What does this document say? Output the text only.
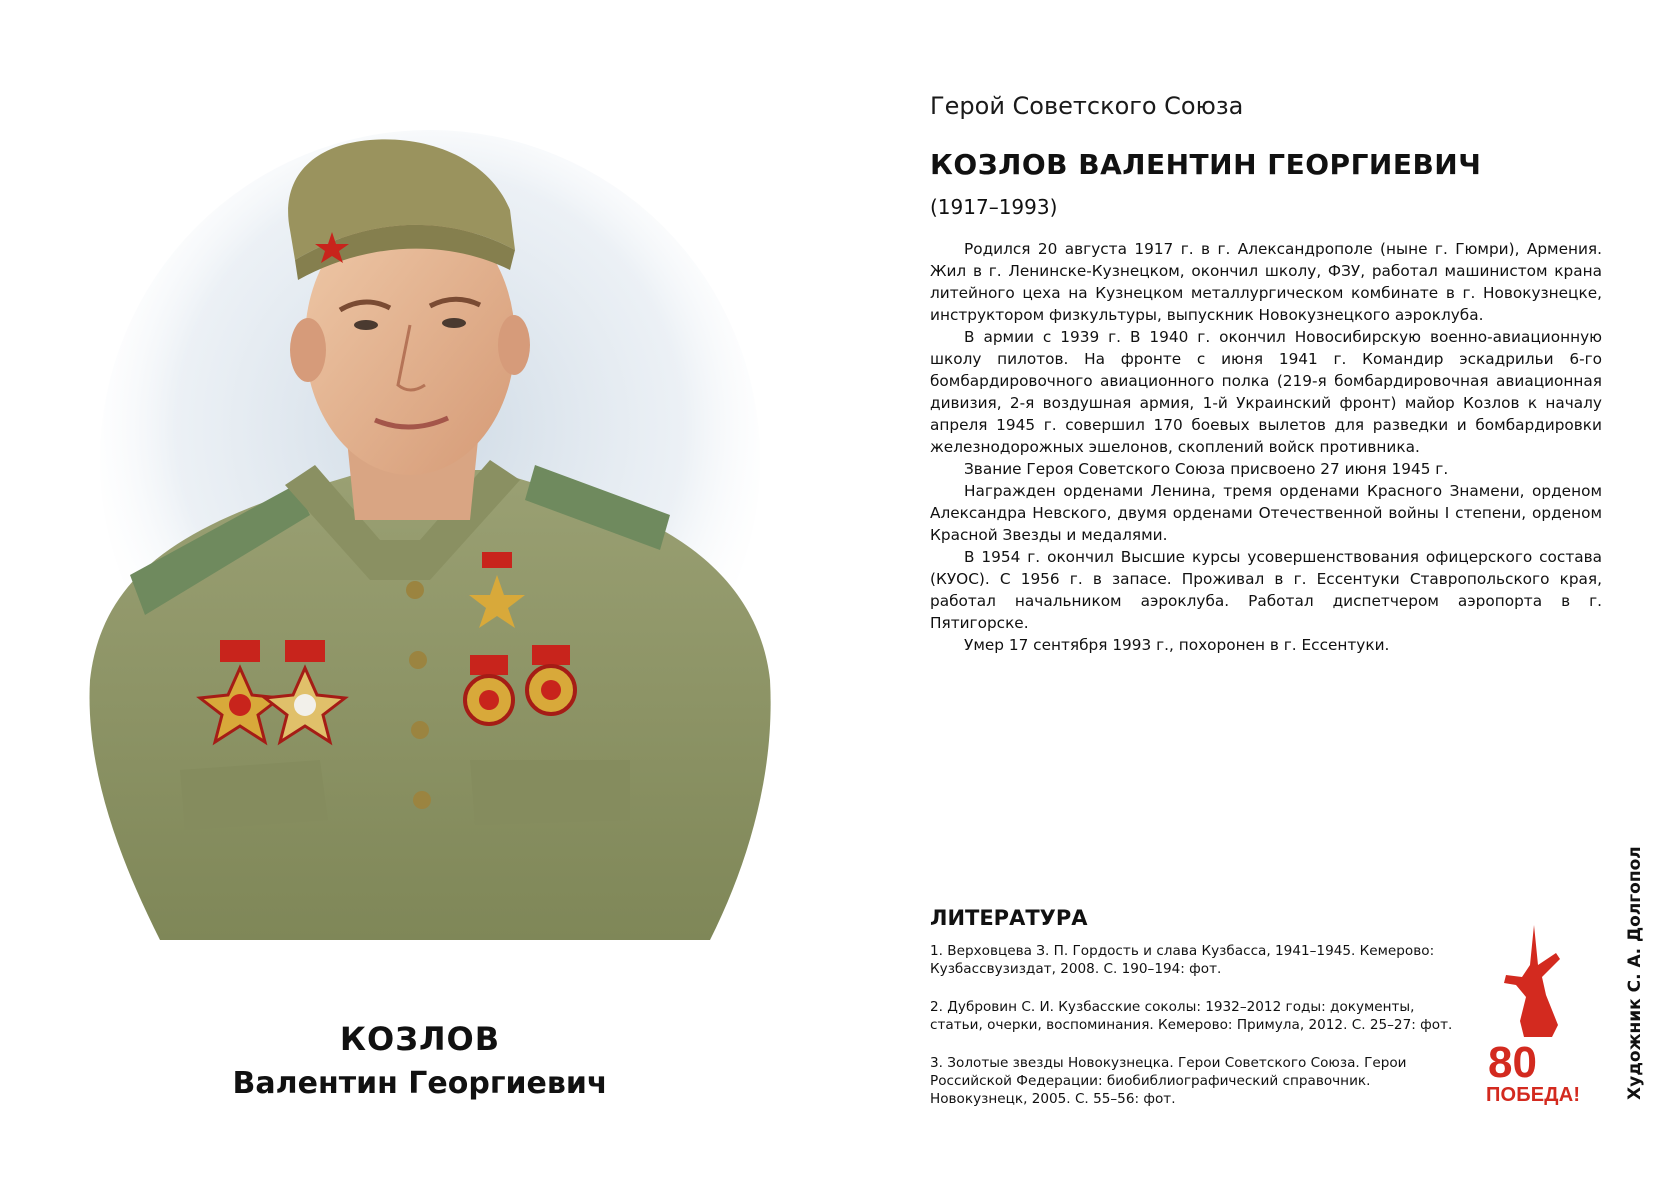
КОЗЛОВ
Валентин Георгиевич
Герой Советского Союза
КОЗЛОВ ВАЛЕНТИН ГЕОРГИЕВИЧ
(1917–1993)

Родился 20 августа 1917 г. в г. Александрополе (ныне г. Гюмри), Армения. Жил в г. Ленинске-Кузнецком, окончил школу, ФЗУ, работал машинистом крана литейного цеха на Кузнецком металлургическом комбинате в г. Новокузнецке, инструктором физкультуры, выпускник Новокузнецкого аэроклуба.

В армии с 1939 г. В 1940 г. окончил Новосибирскую военно-авиационную школу пилотов. На фронте с июня 1941 г. Командир эскадрильи 6-го бомбардировочного авиационного полка (219-я бомбардировочная авиационная дивизия, 2-я воздушная армия, 1-й Украинский фронт) майор Козлов к началу апреля 1945 г. совершил 170 боевых вылетов для разведки и бомбардировки железнодорожных эшелонов, скоплений войск противника.

Звание Героя Советского Союза присвоено 27 июня 1945 г.

Награжден орденами Ленина, тремя орденами Красного Знамени, орденом Александра Невского, двумя орденами Отечественной войны I степени, орденом Красной Звезды и медалями.

В 1954 г. окончил Высшие курсы усовершенствования офицерского состава (КУОС). С 1956 г. в запасе. Проживал в г. Ессентуки Ставропольского края, работал начальником аэроклуба. Работал диспетчером аэропорта в г. Пятигорске.

Умер 17 сентября 1993 г., похоронен в г. Ессентуки.

ЛИТЕРАТУРА
1. Верховцева З. П. Гордость и слава Кузбасса, 1941–1945. Кемерово: Кузбассвузиздат, 2008. С. 190–194: фот.
2. Дубровин С. И. Кузбасские соколы: 1932–2012 годы: документы, статьи, очерки, воспоминания. Кемерово: Примула, 2012. С. 25–27: фот.
3. Золотые звезды Новокузнецка. Герои Советского Союза. Герои Российской Федерации: биобиблиографический справочник. Новокузнецк, 2005. С. 55–56: фот.
80
ПОБЕДА!	Художник С. А. Долгопол
